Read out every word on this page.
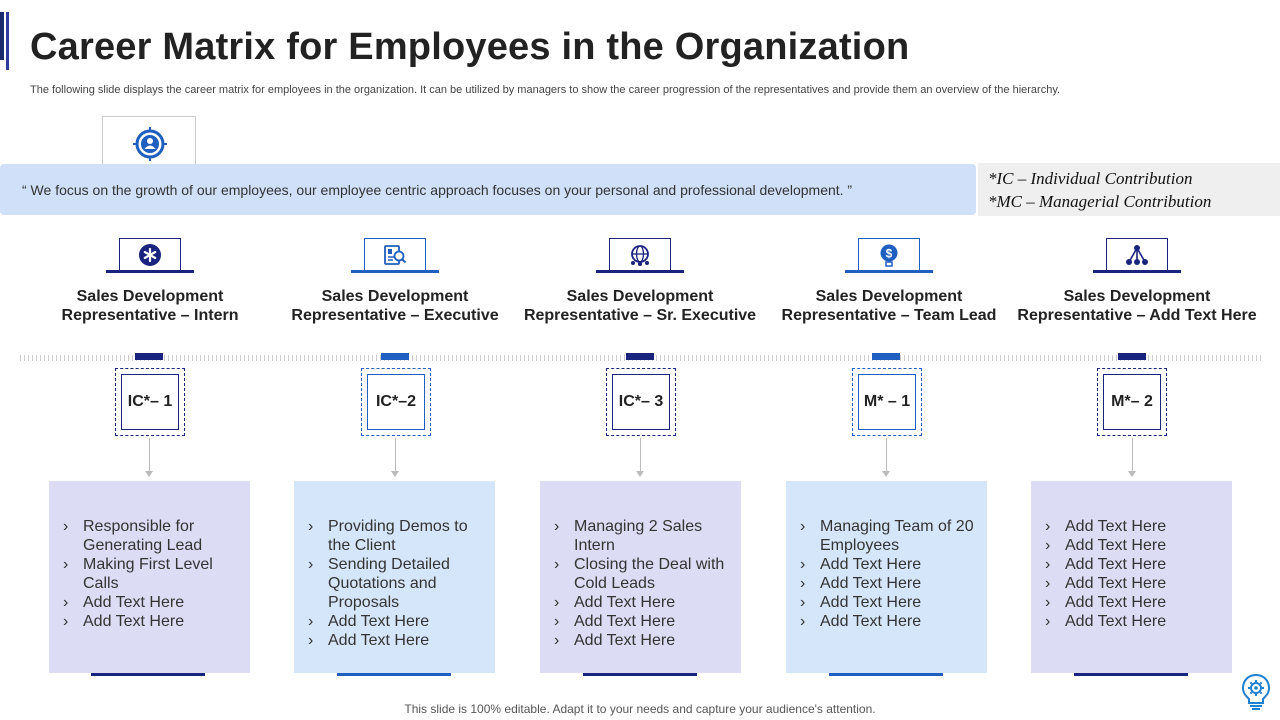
Career Matrix for Employees in the Organization

The following slide displays the career matrix for employees in the organization. It can be utilized by managers to show the career progression of the representatives and provide them an overview of the hierarchy.

“ We focus on the growth of our employees, our employee centric approach focuses on your personal and professional development. ”
*IC – Individual Contribution
*MC – Managerial Contribution
Sales Development
Representative – Intern
IC*– 1
› Responsible for Generating Lead
› Making First Level Calls
› Add Text Here
› Add Text Here
Sales Development
Representative – Executive
IC*–2
› Providing Demos to the Client
› Sending Detailed Quotations and Proposals
› Add Text Here
› Add Text Here
Sales Development
Representative – Sr. Executive
IC*– 3
› Managing 2 Sales Intern
› Closing the Deal with Cold Leads
› Add Text Here
› Add Text Here
› Add Text Here
$
Sales Development
Representative – Team Lead
M* – 1
› Managing Team of 20 Employees
› Add Text Here
› Add Text Here
› Add Text Here
› Add Text Here
Sales Development
Representative – Add Text Here
M*– 2
› Add Text Here
› Add Text Here
› Add Text Here
› Add Text Here
› Add Text Here
› Add Text Here
This slide is 100% editable. Adapt it to your needs and capture your audience's attention.
